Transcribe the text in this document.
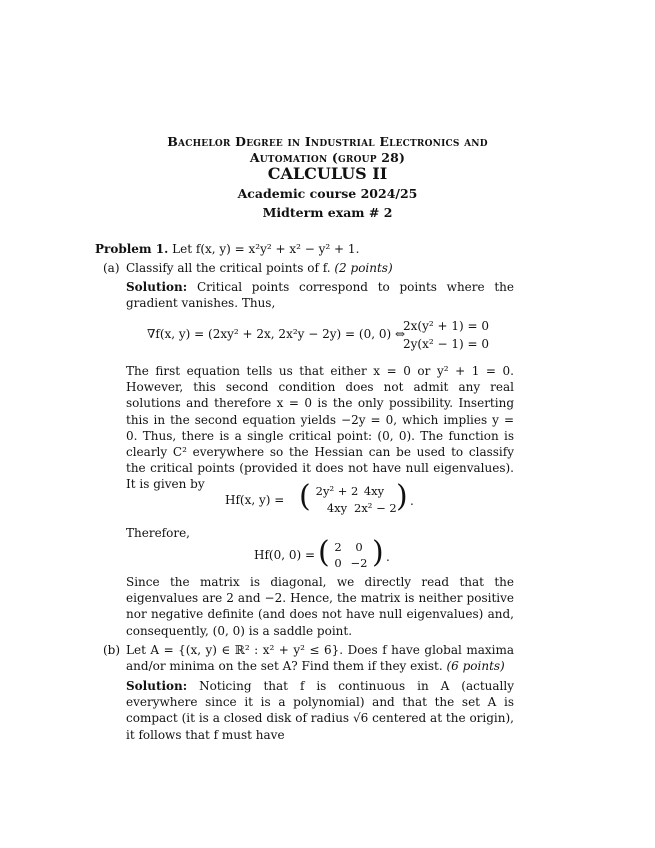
Bachelor Degree in Industrial Electronics and
Automation (group 28)
CALCULUS II
Academic course 2024/25
Midterm exam # 2
Problem 1. Let f(x, y) = x²y² + x² − y² + 1.
(a) Classify all the critical points of f. (2 points)
Solution: Critical points correspond to points where the gradient vanishes. Thus,
∇f(x, y) = (2xy² + 2x, 2x²y − 2y) = (0, 0) ⇔
2x(y² + 1) = 0
2y(x² − 1) = 0
The first equation tells us that either x = 0 or y² + 1 = 0. However, this second condition does not admit any real solutions and therefore x = 0 is the only possibility. Inserting this in the second equation yields −2y = 0, which implies y = 0. Thus, there is a single critical point: (0, 0). The function is clearly C² everywhere so the Hessian can be used to classify the critical points (provided it does not have null eigenvalues). It is given by
Hf(x, y) = ( 2y² + 2 4xy
4xy 2x² − 2 ) .
Therefore,
Hf(0, 0) = ( 2	0
0 −2 ) .
Since the matrix is diagonal, we directly read that the eigenvalues are 2 and −2. Hence, the matrix is neither positive nor negative definite (and does not have null eigenvalues) and, consequently, (0, 0) is a saddle point.
(b) Let A = {(x, y) ∈ ℝ² : x² + y² ≤ 6}. Does f have global maxima and/or minima on the set A? Find them if they exist. (6 points)
Solution: Noticing that f is continuous in A (actually everywhere since it is a polynomial) and that the set A is compact (it is a closed disk of radius √6 centered at the origin), it follows that f must have
